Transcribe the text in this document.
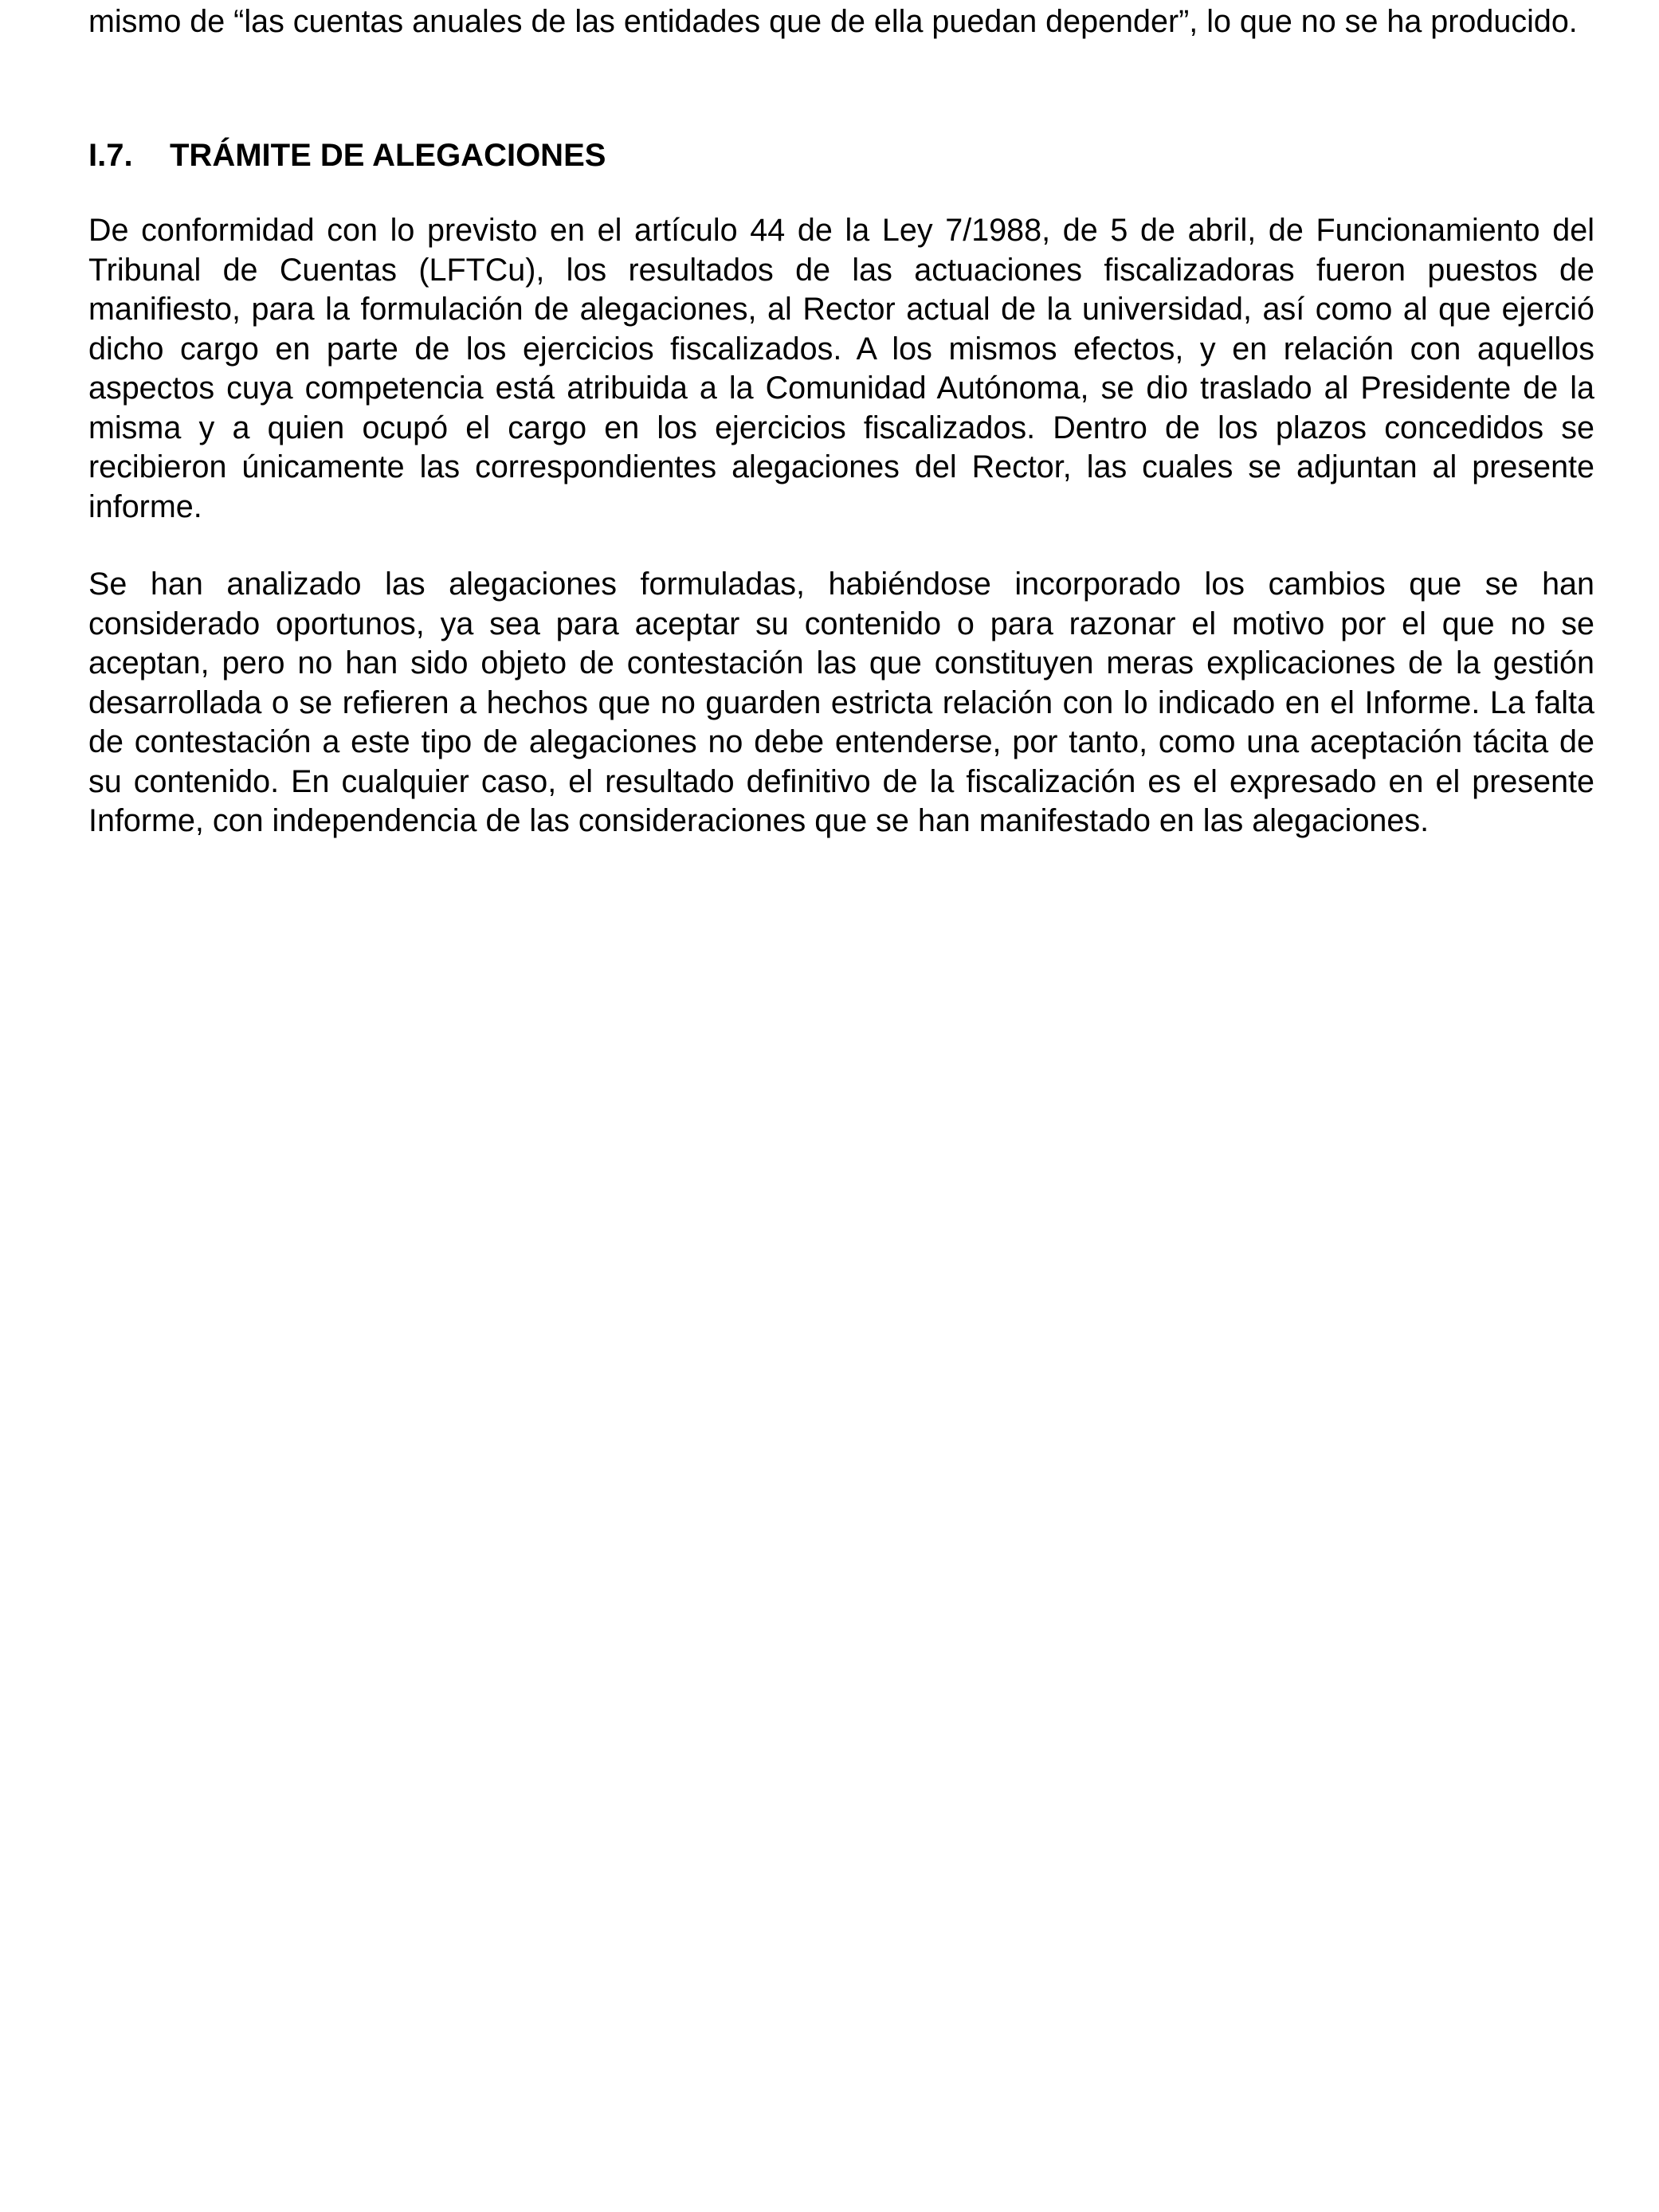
mismo de “las cuentas anuales de las entidades que de ella puedan depender”, lo que no se ha producido.

I.7. TRÁMITE DE ALEGACIONES

De conformidad con lo previsto en el artículo 44 de la Ley 7/1988, de 5 de abril, de Funcionamiento del Tribunal de Cuentas (LFTCu), los resultados de las actuaciones fiscalizadoras fueron puestos de manifiesto, para la formulación de alegaciones, al Rector actual de la universidad, así como al que ejerció dicho cargo en parte de los ejercicios fiscalizados. A los mismos efectos, y en relación con aquellos aspectos cuya competencia está atribuida a la Comunidad Autónoma, se dio traslado al Presidente de la misma y a quien ocupó el cargo en los ejercicios fiscalizados. Dentro de los plazos concedidos se recibieron únicamente las correspondientes alegaciones del Rector, las cuales se adjuntan al presente informe.

Se han analizado las alegaciones formuladas, habiéndose incorporado los cambios que se han considerado oportunos, ya sea para aceptar su contenido o para razonar el motivo por el que no se aceptan, pero no han sido objeto de contestación las que constituyen meras explicaciones de la gestión desarrollada o se refieren a hechos que no guarden estricta relación con lo indicado en el Informe. La falta de contestación a este tipo de alegaciones no debe entenderse, por tanto, como una aceptación tácita de su contenido. En cualquier caso, el resultado definitivo de la fiscalización es el expresado en el presente Informe, con independencia de las consideraciones que se han manifestado en las alegaciones.
